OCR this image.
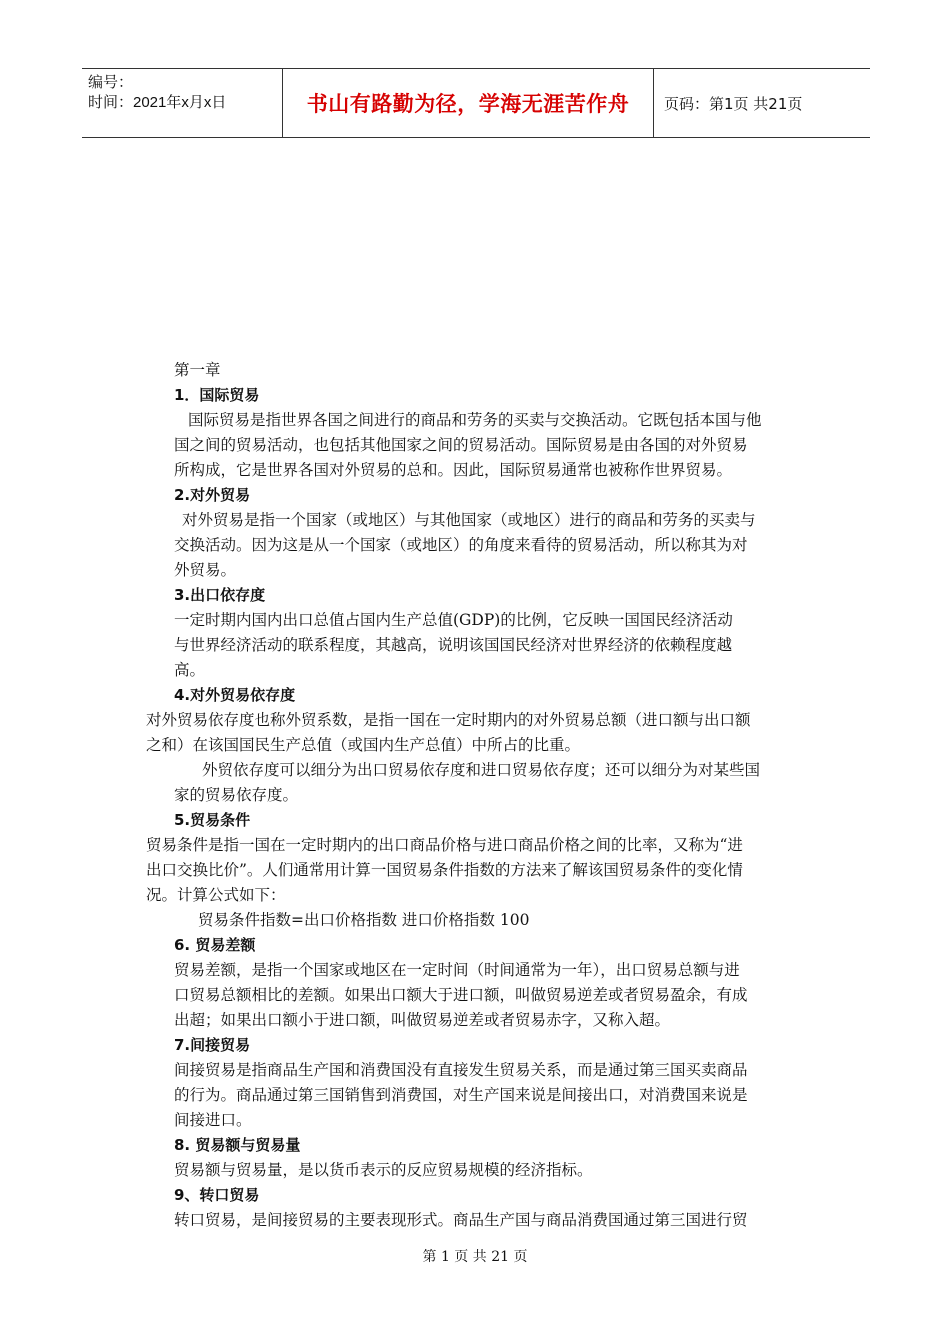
编号：
时间：2021年x月x日	书山有路勤为径，学海无涯苦作舟	页码：第1页 共21页
第一章
1．国际贸易
国际贸易是指世界各国之间进行的商品和劳务的买卖与交换活动。它既包括本国与他
国之间的贸易活动，也包括其他国家之间的贸易活动。国际贸易是由各国的对外贸易
所构成，它是世界各国对外贸易的总和。因此，国际贸易通常也被称作世界贸易。
2.对外贸易
对外贸易是指一个国家（或地区）与其他国家（或地区）进行的商品和劳务的买卖与
交换活动。因为这是从一个国家（或地区）的角度来看待的贸易活动，所以称其为对
外贸易。
3.出口依存度
一定时期内国内出口总值占国内生产总值(GDP)的比例，它反映一国国民经济活动
与世界经济活动的联系程度，其越高，说明该国国民经济对世界经济的依赖程度越
高。
4.对外贸易依存度
对外贸易依存度也称外贸系数，是指一国在一定时期内的对外贸易总额（进口额与出口额
之和）在该国国民生产总值（或国内生产总值）中所占的比重。
外贸依存度可以细分为出口贸易依存度和进口贸易依存度；还可以细分为对某些国
家的贸易依存度。
5.贸易条件
贸易条件是指一国在一定时期内的出口商品价格与进口商品价格之间的比率，又称为“进
出口交换比价”。人们通常用计算一国贸易条件指数的方法来了解该国贸易条件的变化情
况。计算公式如下：
贸易条件指数=出口价格指数 进口价格指数 100
6. 贸易差额
贸易差额，是指一个国家或地区在一定时间（时间通常为一年），出口贸易总额与进
口贸易总额相比的差额。如果出口额大于进口额，叫做贸易逆差或者贸易盈余，有成
出超；如果出口额小于进口额，叫做贸易逆差或者贸易赤字，又称入超。
7.间接贸易
间接贸易是指商品生产国和消费国没有直接发生贸易关系，而是通过第三国买卖商品
的行为。商品通过第三国销售到消费国，对生产国来说是间接出口，对消费国来说是
间接进口。
8. 贸易额与贸易量
贸易额与贸易量，是以货币表示的反应贸易规模的经济指标。
9、转口贸易
转口贸易，是间接贸易的主要表现形式。商品生产国与商品消费国通过第三国进行贸
第 1 页 共 21 页
